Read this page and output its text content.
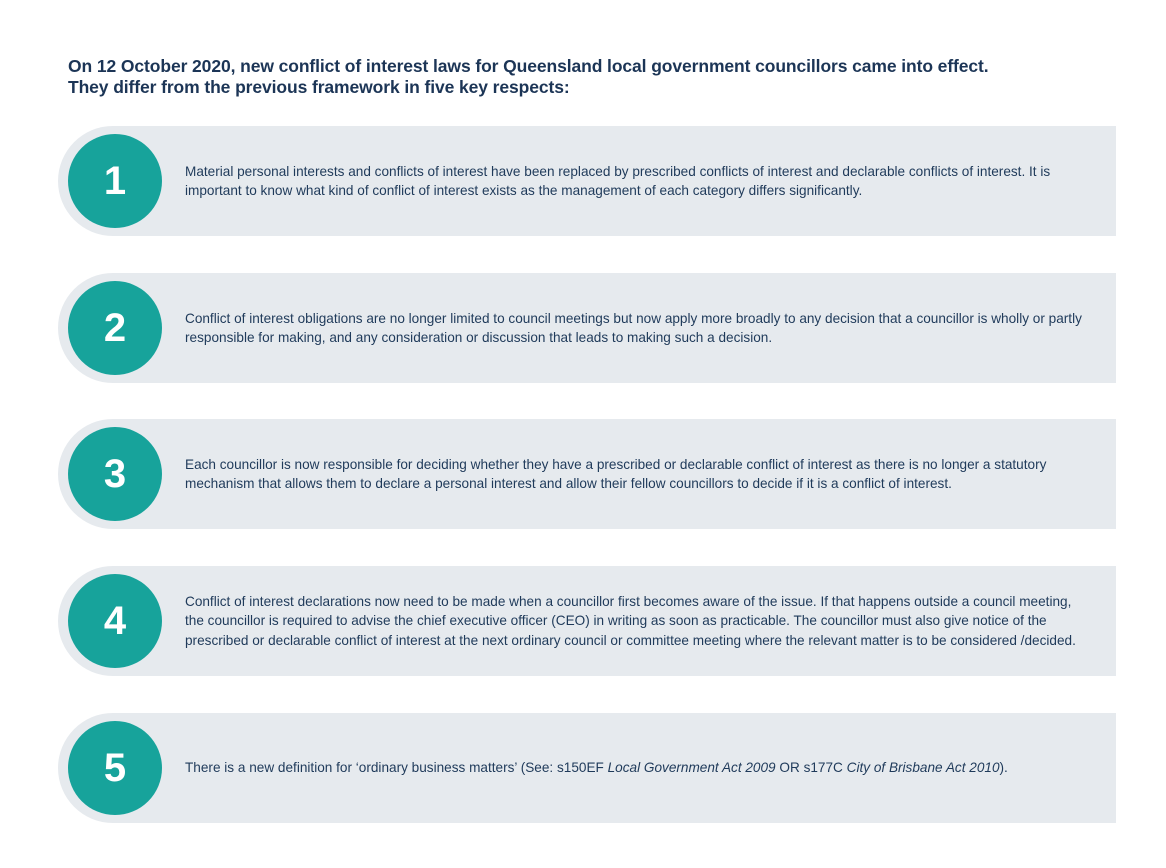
On 12 October 2020, new conflict of interest laws for Queensland local government councillors came into effect.

They differ from the previous framework in five key respects:

1	Material personal interests and conflicts of interest have been replaced by prescribed conflicts of interest and declarable conflicts of interest. It is important to know what kind of conflict of interest exists as the management of each category differs significantly.
2	Conflict of interest obligations are no longer limited to council meetings but now apply more broadly to any decision that a councillor is wholly or partly responsible for making, and any consideration or discussion that leads to making such a decision.
3	Each councillor is now responsible for deciding whether they have a prescribed or declarable conflict of interest as there is no longer a statutory mechanism that allows them to declare a personal interest and allow their fellow councillors to decide if it is a conflict of interest.
4	Conflict of interest declarations now need to be made when a councillor first becomes aware of the issue. If that happens outside a council meeting, the councillor is required to advise the chief executive officer (CEO) in writing as soon as practicable. The councillor must also give notice of the prescribed or declarable conflict of interest at the next ordinary council or committee meeting where the relevant matter is to be considered /decided.
5	There is a new definition for ‘ordinary business matters’ (See: s150EF Local Government Act 2009 OR s177C City of Brisbane Act 2010).
